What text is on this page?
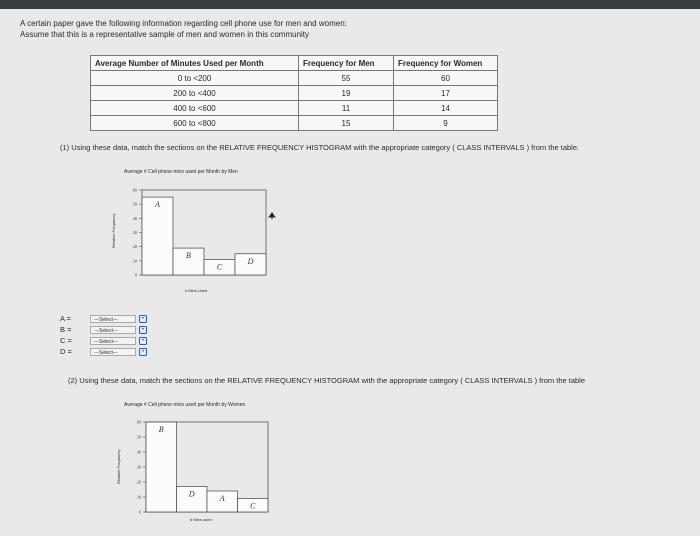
A certain paper gave the following information regarding cell phone use for men and women:
Assume that this is a representative sample of men and women in this community
Average Number of Minutes Used per Month	Frequency for Men	Frequency for Women
0 to <200	55	60
200 to <400	19	17
400 to <600	11	14
600 to <800	15	9
(1) Using these data, match the sections on the RELATIVE FREQUENCY HISTOGRAM with the appropriate category ( CLASS INTERVALS ) from the table.
Average # Cell phone mins used per Month by Men
Relative Frequency
.60
.50
.40
.30
.20
.10
0
A
B
C
D
# Mins Used
A =	---Select---
B =	---Select---
C =	---Select---
D =	---Select---
(2) Using these data, match the sections on the RELATIVE FREQUENCY HISTOGRAM with the appropriate category ( CLASS INTERVALS ) from the table
Average # Cell phone mins used per Month by Women
Relative Frequency
.60
.50
.40
.30
.20
.10
0
B
D	A
C
# Mins used
